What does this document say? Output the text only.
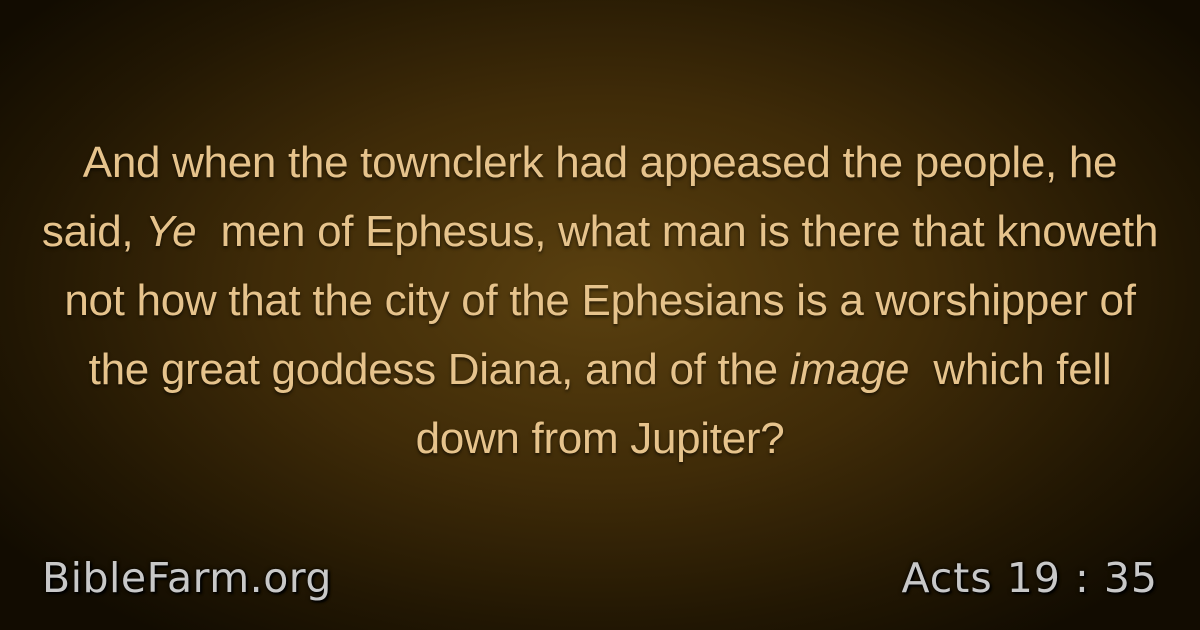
And when the townclerk had appeased the people, he said, Ye  men of Ephesus, what man is there that knoweth not how that the city of the Ephesians is a worshipper of the great goddess Diana, and of the image  which fell down from Jupiter?

BibleFarm.org	Acts 19 : 35
